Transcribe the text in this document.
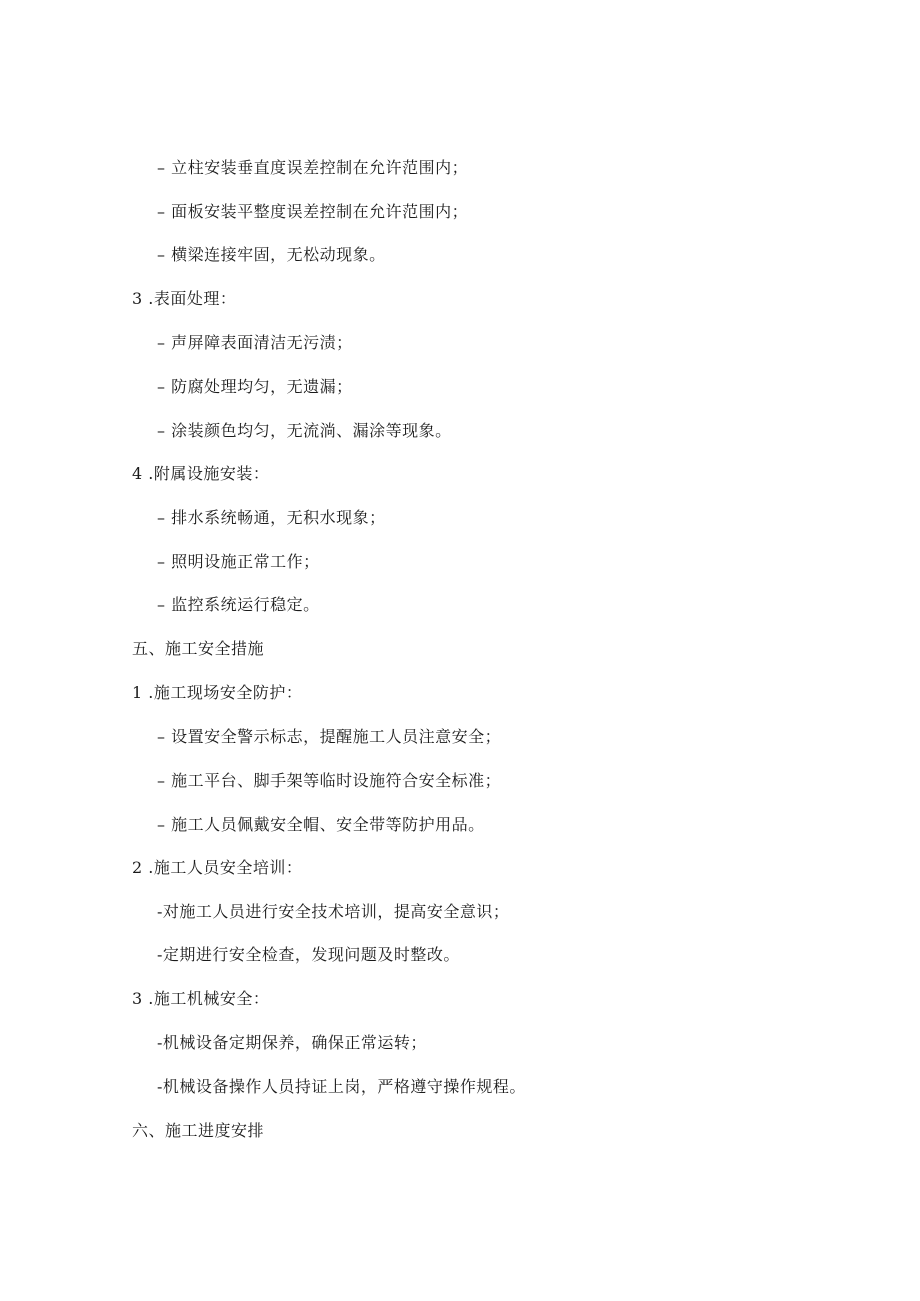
– 立柱安装垂直度误差控制在允许范围内；
– 面板安装平整度误差控制在允许范围内；
– 横梁连接牢固，无松动现象。
3 .表面处理：
– 声屏障表面清洁无污渍；
– 防腐处理均匀，无遗漏；
– 涂装颜色均匀，无流淌、漏涂等现象。
4 .附属设施安装：
– 排水系统畅通，无积水现象；
– 照明设施正常工作；
– 监控系统运行稳定。
五、施工安全措施
1 .施工现场安全防护：
– 设置安全警示标志，提醒施工人员注意安全；
– 施工平台、脚手架等临时设施符合安全标准；
– 施工人员佩戴安全帽、安全带等防护用品。
2 .施工人员安全培训：
-对施工人员进行安全技术培训，提高安全意识；
-定期进行安全检查，发现问题及时整改。
3 .施工机械安全：
-机械设备定期保养，确保正常运转；
-机械设备操作人员持证上岗，严格遵守操作规程。
六、施工进度安排
